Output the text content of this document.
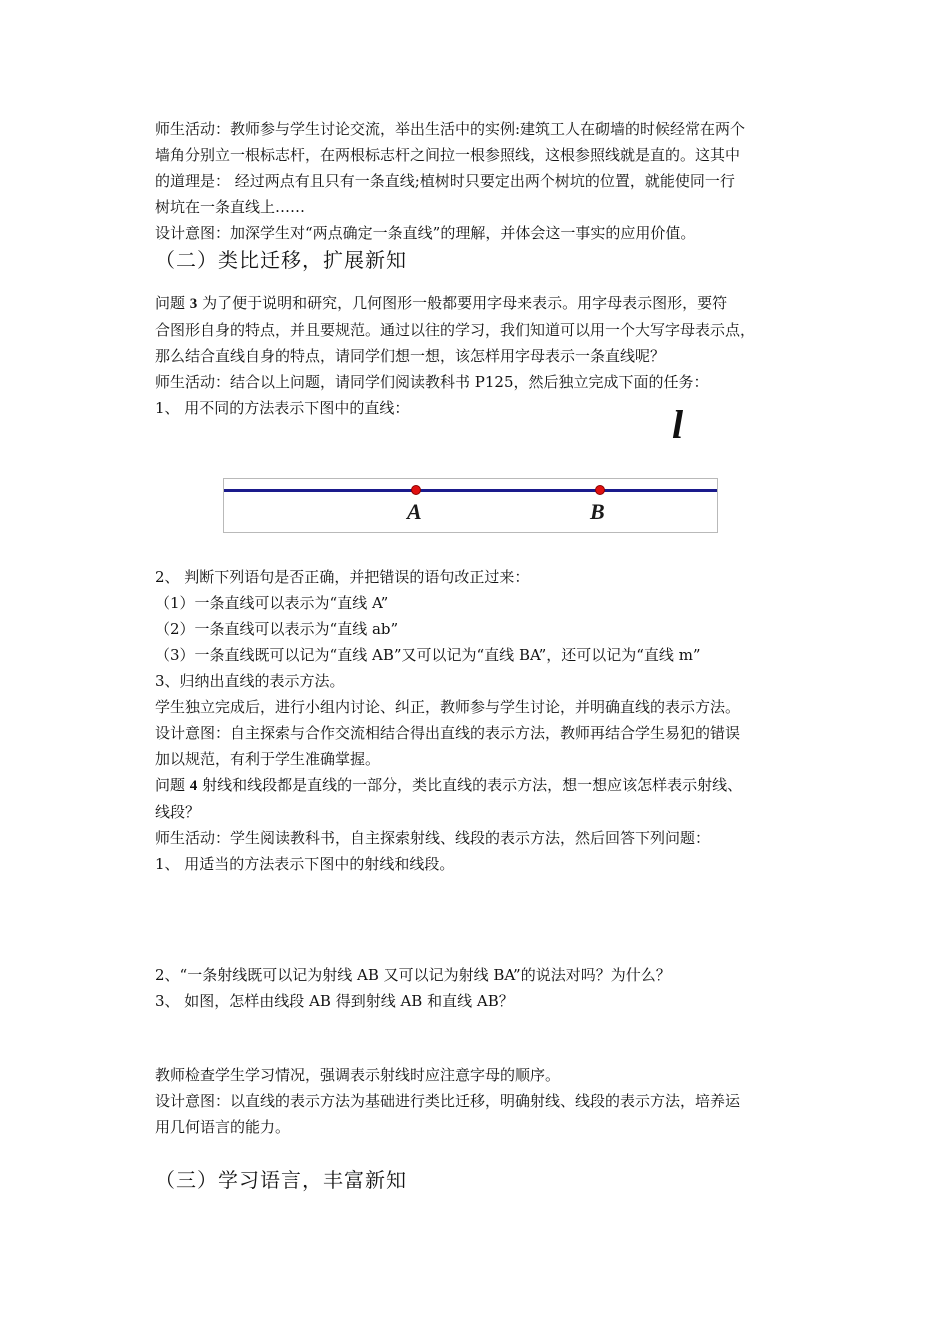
师生活动：教师参与学生讨论交流，举出生活中的实例:建筑工人在砌墙的时候经常在两个
墙角分别立一根标志杆，在两根标志杆之间拉一根参照线，这根参照线就是直的。这其中
的道理是： 经过两点有且只有一条直线;植树时只要定出两个树坑的位置，就能使同一行
树坑在一条直线上……
设计意图：加深学生对“两点确定一条直线”的理解，并体会这一事实的应用价值。
（二）类比迁移，扩展新知
问题 3 为了便于说明和研究，几何图形一般都要用字母来表示。用字母表示图形，要符
合图形自身的特点，并且要规范。通过以往的学习，我们知道可以用一个大写字母表示点，
那么结合直线自身的特点，请同学们想一想，该怎样用字母表示一条直线呢？
师生活动：结合以上问题，请同学们阅读教科书 P125，然后独立完成下面的任务：
1、 用不同的方法表示下图中的直线：	l
A	B
2、 判断下列语句是否正确，并把错误的语句改正过来：
（1）一条直线可以表示为“直线 A”
（2）一条直线可以表示为“直线 ab”
（3）一条直线既可以记为“直线 AB”又可以记为“直线 BA”，还可以记为“直线 m”
3、归纳出直线的表示方法。
学生独立完成后，进行小组内讨论、纠正，教师参与学生讨论，并明确直线的表示方法。
设计意图：自主探索与合作交流相结合得出直线的表示方法，教师再结合学生易犯的错误
加以规范，有利于学生准确掌握。
问题 4 射线和线段都是直线的一部分，类比直线的表示方法，想一想应该怎样表示射线、
线段？
师生活动：学生阅读教科书，自主探索射线、线段的表示方法，然后回答下列问题：
1、 用适当的方法表示下图中的射线和线段。
2、“一条射线既可以记为射线 AB 又可以记为射线 BA”的说法对吗？为什么？
3、 如图，怎样由线段 AB 得到射线 AB 和直线 AB？
教师检查学生学习情况，强调表示射线时应注意字母的顺序。
设计意图：以直线的表示方法为基础进行类比迁移，明确射线、线段的表示方法，培养运
用几何语言的能力。
（三）学习语言，丰富新知
